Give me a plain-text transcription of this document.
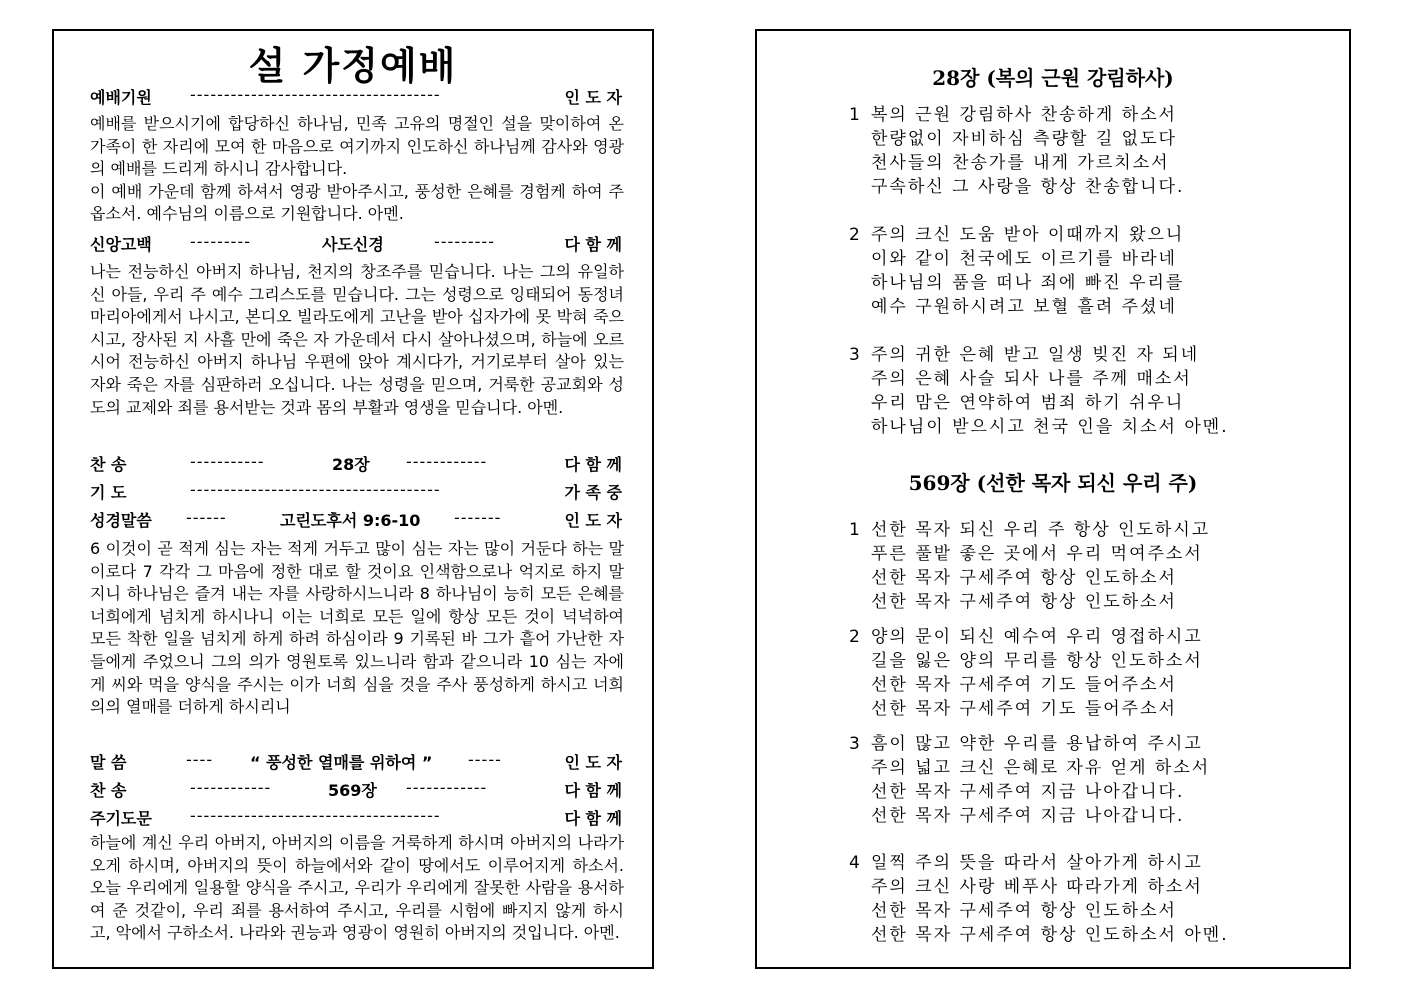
설 가정예배
예배기원 -------------------------------------	인 도 자
예배를 받으시기에 합당하신 하나님, 민족 고유의 명절인 설을 맞이하여 온 가족이 한 자리에 모여 한 마음으로 여기까지 인도하신 하나님께 감사와 영광의 예배를 드리게 하시니 감사합니다.
이 예배 가운데 함께 하셔서 영광 받아주시고, 풍성한 은혜를 경험케 하여 주옵소서. 예수님의 이름으로 기원합니다. 아멘.
신앙고백 ---------	사도신경	---------	다 함 께
나는 전능하신 아버지 하나님, 천지의 창조주를 믿습니다. 나는 그의 유일하신 아들, 우리 주 예수 그리스도를 믿습니다. 그는 성령으로 잉태되어 동정녀 마리아에게서 나시고, 본디오 빌라도에게 고난을 받아 십자가에 못 박혀 죽으시고, 장사된 지 사흘 만에 죽은 자 가운데서 다시 살아나셨으며, 하늘에 오르시어 전능하신 아버지 하나님 우편에 앉아 계시다가, 거기로부터 살아 있는 자와 죽은 자를 심판하러 오십니다. 나는 성령을 믿으며, 거룩한 공교회와 성도의 교제와 죄를 용서받는 것과 몸의 부활과 영생을 믿습니다. 아멘.
찬 송	-----------	28장 ------------	다 함 께
기 도	-------------------------------------	가 족 중
성경말씀 ------	고린도후서 9:6-10 -------	인 도 자
6 이것이 곧 적게 심는 자는 적게 거두고 많이 심는 자는 많이 거둔다 하는 말이로다 7 각각 그 마음에 정한 대로 할 것이요 인색함으로나 억지로 하지 말지니 하나님은 즐겨 내는 자를 사랑하시느니라 8 하나님이 능히 모든 은혜를 너희에게 넘치게 하시나니 이는 너희로 모든 일에 항상 모든 것이 넉넉하여 모든 착한 일을 넘치게 하게 하려 하심이라 9 기록된 바 그가 흩어 가난한 자들에게 주었으니 그의 의가 영원토록 있느니라 함과 같으니라 10 심는 자에게 씨와 먹을 양식을 주시는 이가 너희 심을 것을 주사 풍성하게 하시고 너희 의의 열매를 더하게 하시리니
말 씀	---- “ 풍성한 열매를 위하여 ” -----	인 도 자
찬 송	------------	569장 ------------	다 함 께
주기도문 -------------------------------------	다 함 께
하늘에 계신 우리 아버지, 아버지의 이름을 거룩하게 하시며 아버지의 나라가 오게 하시며, 아버지의 뜻이 하늘에서와 같이 땅에서도 이루어지게 하소서. 오늘 우리에게 일용할 양식을 주시고, 우리가 우리에게 잘못한 사람을 용서하여 준 것같이, 우리 죄를 용서하여 주시고, 우리를 시험에 빠지지 않게 하시고, 악에서 구하소서. 나라와 권능과 영광이 영원히 아버지의 것입니다. 아멘.
28장 (복의 근원 강림하사)
1 복의 근원 강림하사 찬송하게 하소서
한량없이 자비하심 측량할 길 없도다
천사들의 찬송가를 내게 가르치소서
구속하신 그 사랑을 항상 찬송합니다.
2 주의 크신 도움 받아 이때까지 왔으니
이와 같이 천국에도 이르기를 바라네
하나님의 품을 떠나 죄에 빠진 우리를
예수 구원하시려고 보혈 흘려 주셨네
3 주의 귀한 은혜 받고 일생 빚진 자 되네
주의 은혜 사슬 되사 나를 주께 매소서
우리 맘은 연약하여 범죄 하기 쉬우니
하나님이 받으시고 천국 인을 치소서 아멘.
569장 (선한 목자 되신 우리 주)
1 선한 목자 되신 우리 주 항상 인도하시고
푸른 풀밭 좋은 곳에서 우리 먹여주소서
선한 목자 구세주여 항상 인도하소서
선한 목자 구세주여 항상 인도하소서
2 양의 문이 되신 예수여 우리 영접하시고
길을 잃은 양의 무리를 항상 인도하소서
선한 목자 구세주여 기도 들어주소서
선한 목자 구세주여 기도 들어주소서
3 흠이 많고 약한 우리를 용납하여 주시고
주의 넓고 크신 은혜로 자유 얻게 하소서
선한 목자 구세주여 지금 나아갑니다.
선한 목자 구세주여 지금 나아갑니다.
4 일찍 주의 뜻을 따라서 살아가게 하시고
주의 크신 사랑 베푸사 따라가게 하소서
선한 목자 구세주여 항상 인도하소서
선한 목자 구세주여 항상 인도하소서 아멘.
